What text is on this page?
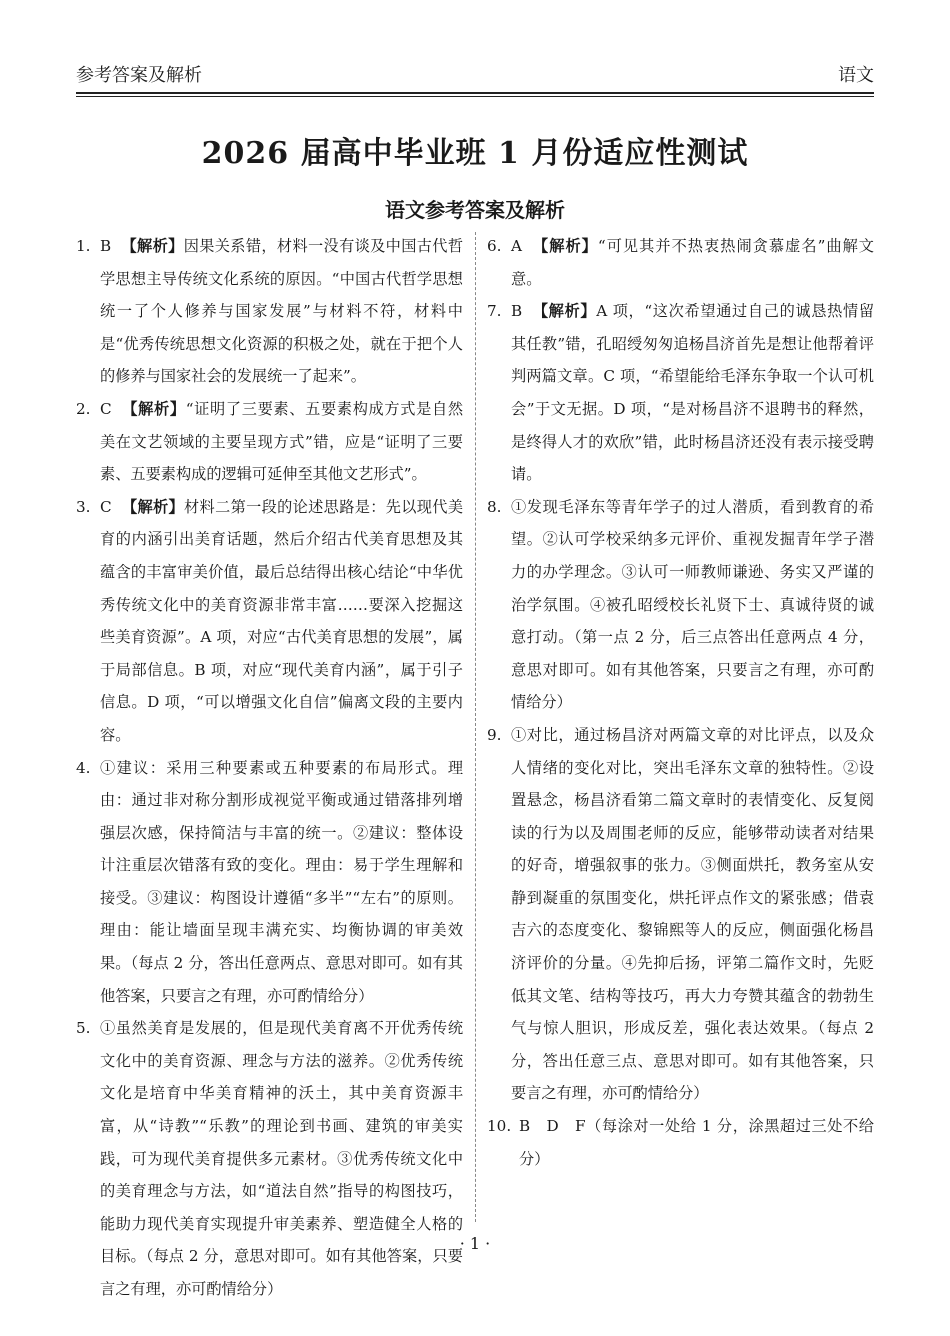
参考答案及解析	语文
2026 届高中毕业班 1 月份适应性测试
语文参考答案及解析
1. B 【解析】因果关系错，材料一没有谈及中国古代哲学思想主导传统文化系统的原因。“中国古代哲学思想统一了个人修养与国家发展”与材料不符，材料中是“优秀传统思想文化资源的积极之处，就在于把个人的修养与国家社会的发展统一了起来”。
2. C 【解析】“证明了三要素、五要素构成方式是自然美在文艺领域的主要呈现方式”错，应是“证明了三要素、五要素构成的逻辑可延伸至其他文艺形式”。
3. C 【解析】材料二第一段的论述思路是：先以现代美育的内涵引出美育话题，然后介绍古代美育思想及其蕴含的丰富审美价值，最后总结得出核心结论“中华优秀传统文化中的美育资源非常丰富……要深入挖掘这些美育资源”。A 项，对应“古代美育思想的发展”，属于局部信息。B 项，对应“现代美育内涵”，属于引子信息。D 项，“可以增强文化自信”偏离文段的主要内容。
4. ①建议：采用三种要素或五种要素的布局形式。理由：通过非对称分割形成视觉平衡或通过错落排列增强层次感，保持简洁与丰富的统一。②建议：整体设计注重层次错落有致的变化。理由：易于学生理解和接受。③建议：构图设计遵循“多半”“左右”的原则。理由：能让墙面呈现丰满充实、均衡协调的审美效果。（每点 2 分，答出任意两点、意思对即可。如有其他答案，只要言之有理，亦可酌情给分）
5. ①虽然美育是发展的，但是现代美育离不开优秀传统文化中的美育资源、理念与方法的滋养。②优秀传统文化是培育中华美育精神的沃土，其中美育资源丰富，从“诗教”“乐教”的理论到书画、建筑的审美实践，可为现代美育提供多元素材。③优秀传统文化中的美育理念与方法，如“道法自然”指导的构图技巧，能助力现代美育实现提升审美素养、塑造健全人格的目标。（每点 2 分，意思对即可。如有其他答案，只要言之有理，亦可酌情给分）
6. A 【解析】“可见其并不热衷热闹贪慕虚名”曲解文意。
7. B 【解析】A 项，“这次希望通过自己的诚恳热情留其任教”错，孔昭绶匆匆追杨昌济首先是想让他帮着评判两篇文章。C 项，“希望能给毛泽东争取一个认可机会”于文无据。D 项，“是对杨昌济不退聘书的释然，是终得人才的欢欣”错，此时杨昌济还没有表示接受聘请。
8. ①发现毛泽东等青年学子的过人潜质，看到教育的希望。②认可学校采纳多元评价、重视发掘青年学子潜力的办学理念。③认可一师教师谦逊、务实又严谨的治学氛围。④被孔昭绶校长礼贤下士、真诚待贤的诚意打动。（第一点 2 分，后三点答出任意两点 4 分，意思对即可。如有其他答案，只要言之有理，亦可酌情给分）
9. ①对比，通过杨昌济对两篇文章的对比评点，以及众人情绪的变化对比，突出毛泽东文章的独特性。②设置悬念，杨昌济看第二篇文章时的表情变化、反复阅读的行为以及周围老师的反应，能够带动读者对结果的好奇，增强叙事的张力。③侧面烘托，教务室从安静到凝重的氛围变化，烘托评点作文的紧张感；借袁吉六的态度变化、黎锦熙等人的反应，侧面强化杨昌济评价的分量。④先抑后扬，评第二篇作文时，先贬低其文笔、结构等技巧，再大力夸赞其蕴含的勃勃生气与惊人胆识，形成反差，强化表达效果。（每点 2 分，答出任意三点、意思对即可。如有其他答案，只要言之有理，亦可酌情给分）
10. B　D　F（每涂对一处给 1 分，涂黑超过三处不给分）
· 1 ·
